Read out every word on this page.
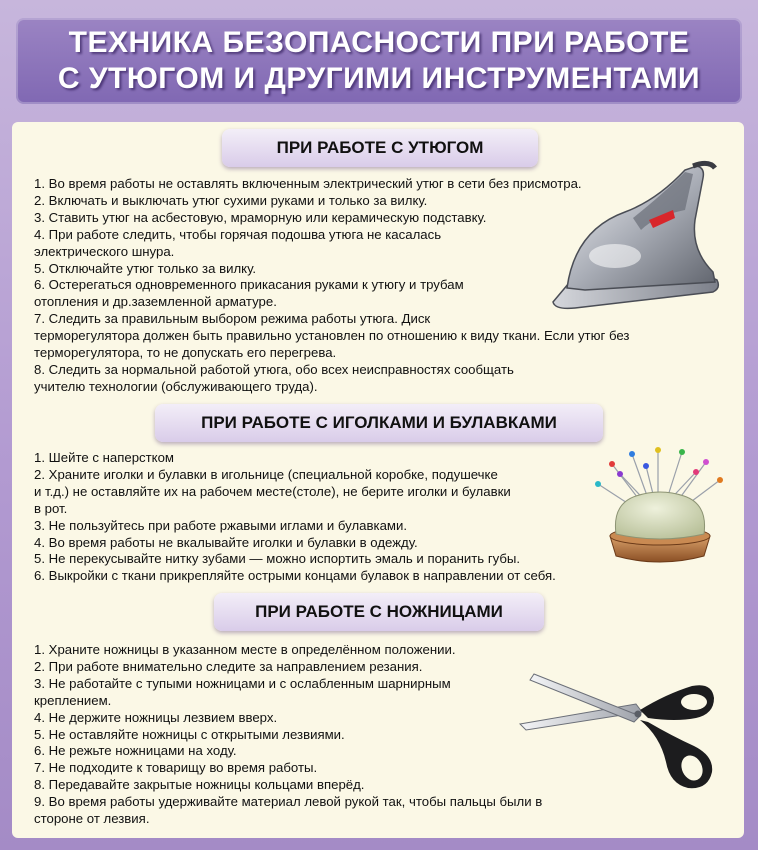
ТЕХНИКА БЕЗОПАСНОСТИ ПРИ РАБОТЕ
С УТЮГОМ И ДРУГИМИ ИНСТРУМЕНТАМИ
ПРИ РАБОТЕ С УТЮГОМ
1. Во время работы не оставлять включенным электрический утюг в сети без присмотра.
2. Включать и выключать утюг сухими руками и только за вилку.
3. Ставить утюг на асбестовую, мраморную или керамическую подставку.
4. При работе следить, чтобы горячая подошва утюга не касалась
электрического шнура.
5. Отключайте утюг только за вилку.
6. Остерегаться одновременного прикасания руками к утюгу и трубам
отопления и др.заземленной арматуре.
7. Следить за правильным выбором режима работы утюга. Диск
терморегулятора должен быть правильно установлен по отношению к виду ткани. Если утюг без
терморегулятора, то не допускать его перегрева.
8. Следить за нормальной работой утюга, обо всех неисправностях сообщать
учителю технологии (обслуживающего труда).
ПРИ РАБОТЕ С ИГОЛКАМИ И БУЛАВКАМИ
1. Шейте с наперстком
2. Храните иголки и булавки в игольнице (специальной коробке, подушечке
и т.д.) не оставляйте их на рабочем месте(столе), не берите иголки и булавки
в рот.
3. Не пользуйтесь при работе ржавыми иглами и булавками.
4. Во время работы не вкалывайте иголки и булавки в одежду.
5. Не перекусывайте нитку зубами — можно испортить эмаль и поранить губы.
6. Выкройки с ткани прикрепляйте острыми концами булавок в направлении от себя.
ПРИ РАБОТЕ С НОЖНИЦАМИ
1. Храните ножницы в указанном месте в определённом положении.
2. При работе внимательно следите за направлением резания.
3. Не работайте с тупыми ножницами и с ослабленным шарнирным
креплением.
4. Не держите ножницы лезвием вверх.
5. Не оставляйте ножницы с открытыми лезвиями.
6. Не режьте ножницами на ходу.
7. Не подходите к товарищу во время работы.
8. Передавайте закрытые ножницы кольцами вперёд.
9. Во время работы удерживайте материал левой рукой так, чтобы пальцы были в
стороне от лезвия.
